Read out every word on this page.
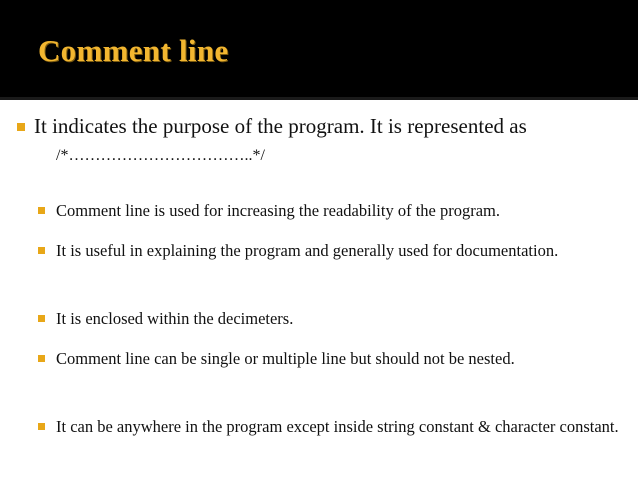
Comment line
It indicates the purpose of the program. It is represented as
/*……………………………..*/
Comment line is used for increasing the readability of the program.
It is useful in explaining the program and generally used for documentation.
It is enclosed within the decimeters.
Comment line can be single or multiple line but should not be nested.
It can be anywhere in the program except inside string constant & character constant.
